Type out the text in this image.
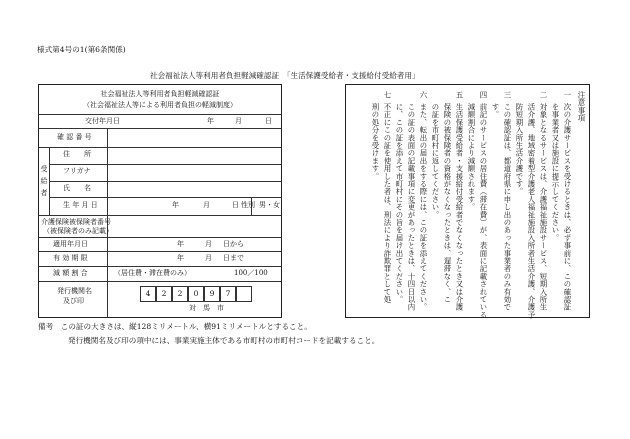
様式第4号の1(第6条関係)
社会福祉法人等利用者負担軽減確認証　「生活保護受給者・支援給付受給者用」
社会福祉法人等利用者負担軽減確認証
（社会福祉法人等による利用者負担の軽減制度）
交付年月日	年	月	日
確 認 番 号
受給者
住　　所
フリガナ
氏　　名
生 年 月 日	年	月	日 性別 男・女
介護保険被保険者番号
（被保険者のみ記載）
適用年月日	年	月 日から
有 効 期 限	年	月 日まで
減 額 割 合	（居住費・滞在費のみ）	100／100
発行機関名
及び印
4	2	2	0	9	7
対　馬　市
注意事項
一
次の介護サービスを受けるときは、必ず事前に、この確認証
を事業者又は施設に提示してください。
二
対象となるサービスは、介護福祉施設サービス、短期入所生
活介護、地域密着型介護老人福祉施設入所者生活介護、介護予
防短期入所生活介護です。
三
この確認証は、都道府県に申し出のあった事業者のみ有効で
す。
四
前記のサービスの居住費（滞在費）が、表面に記載されている
減額割合により減額されます。
五
生活保護受給者・支援給付受給者でなくなったとき又は介護
保険の被保険者の資格がなくなったときは、遅滞なく、こ
の証を市町村に返してください。
六
また、転出の届出をする際には、この証を添えてください。
この証の表面の記載事項に変更があったときは、十四日以内
に、この証を添えて市町村にその旨を届け出てください。
七
不正にこの証を使用した者は、刑法により詐欺罪として処
刑の処分を受けます。
備考　この証の大きさは、縦128ミリメートル、横91ミリメートルとすること。
発行機関名及び印の項中には、事業実施主体である市町村の市町村コードを記載すること。
